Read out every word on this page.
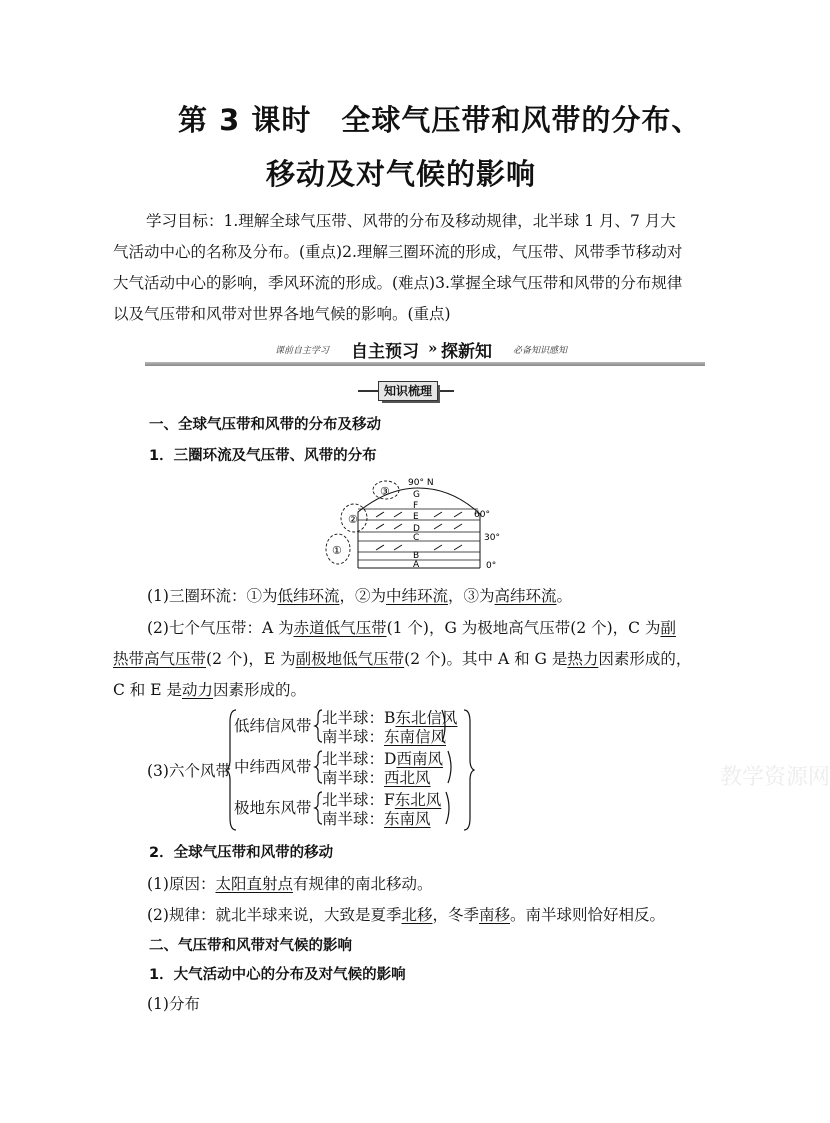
第 3 课时　全球气压带和风带的分布、
移动及对气候的影响
学习目标：1.理解全球气压带、风带的分布及移动规律，北半球 1 月、7 月大气活动中心的名称及分布。(重点)2.理解三圈环流的形成，气压带、风带季节移动对大气活动中心的影响，季风环流的形成。(难点)3.掌握全球气压带和风带的分布规律以及气压带和风带对世界各地气候的影响。(重点)
课前自主学习 自主预习 » 探新知 必备知识感知
知识梳理
一、全球气压带和风带的分布及移动
1．三圈环流及气压带、风带的分布
③
②
①
G
F
E
D
C
B
A
90° N
60°
30°
0°
(1)三圈环流：①为低纬环流，②为中纬环流，③为高纬环流。
(2)七个气压带：A 为赤道低气压带(1 个)，G 为极地高气压带(2 个)，C 为副
热带高气压带(2 个)，E 为副极地低气压带(2 个)。其中 A 和 G 是热力因素形成的，
C 和 E 是动力因素形成的。
(3)六个风带
低纬信风带
中纬西风带
极地东风带
北半球：B东北信风
南半球：东南信风
北半球：D西南风
南半球：西北风
北半球：F东北风
南半球：东南风
2．全球气压带和风带的移动
(1)原因：太阳直射点有规律的南北移动。
(2)规律：就北半球来说，大致是夏季北移，冬季南移。南半球则恰好相反。
二、气压带和风带对气候的影响
1．大气活动中心的分布及对气候的影响
(1)分布
教学资源网
